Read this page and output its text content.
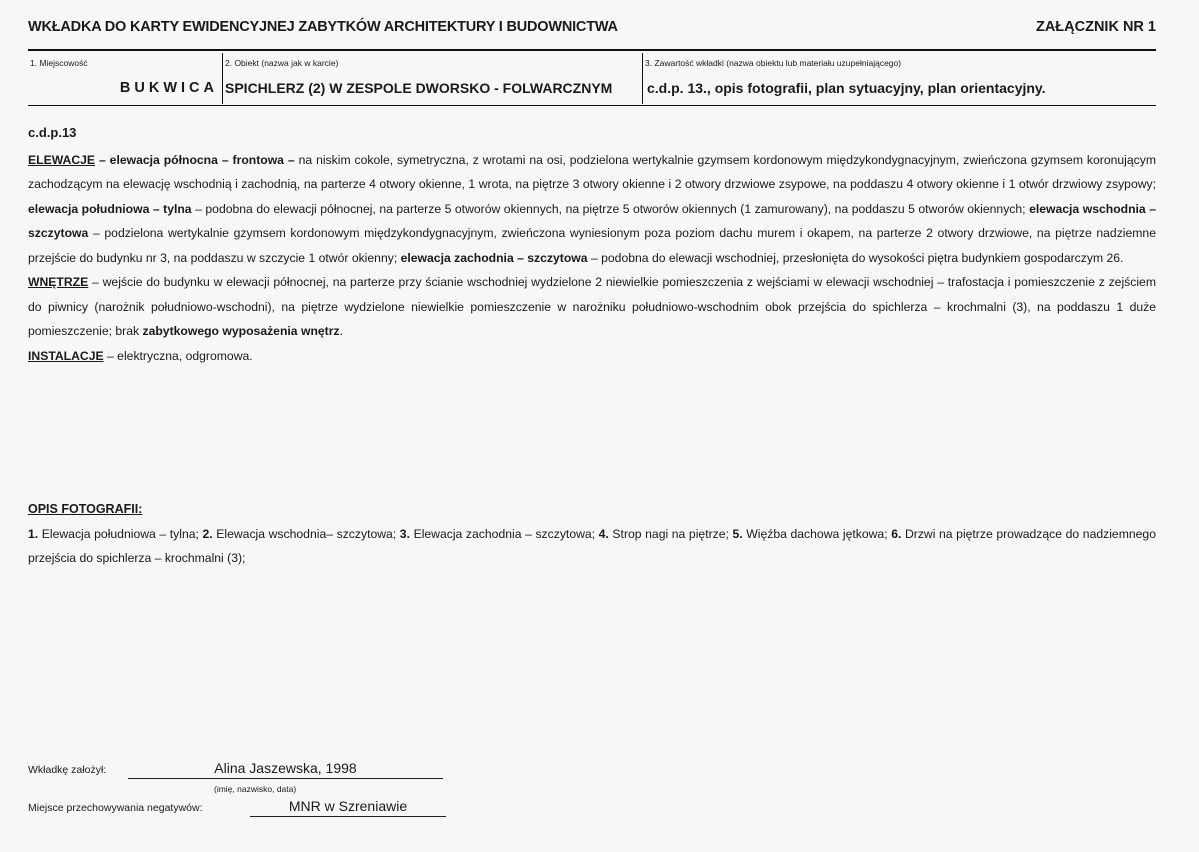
WKŁADKA DO KARTY EWIDENCYJNEJ ZABYTKÓW ARCHITEKTURY I BUDOWNICTWA	ZAŁĄCZNIK NR 1
1. Miejscowość
BUKWICA
2. Obiekt (nazwa jak w karcie)
SPICHLERZ (2) W ZESPOLE DWORSKO - FOLWARCZNYM
3. Zawartość wkładki (nazwa obiektu lub materiału uzupełniającego)
c.d.p. 13., opis fotografii, plan sytuacyjny, plan orientacyjny.

c.d.p.13

ELEWACJE – elewacja północna – frontowa – na niskim cokole, symetryczna, z wrotami na osi, podzielona wertykalnie gzymsem kordonowym międzykondygnacyjnym, zwieńczona gzymsem koronującym zachodzącym na elewację wschodnią i zachodnią, na parterze 4 otwory okienne, 1 wrota, na piętrze 3 otwory okienne i 2 otwory drzwiowe zsypowe, na poddaszu 4 otwory okienne i 1 otwór drzwiowy zsypowy; elewacja południowa – tylna – podobna do elewacji północnej, na parterze 5 otworów okiennych, na piętrze 5 otworów okiennych (1 zamurowany), na poddaszu 5 otworów okiennych; elewacja wschodnia – szczytowa – podzielona wertykalnie gzymsem kordonowym międzykondygnacyjnym, zwieńczona wyniesionym poza poziom dachu murem i okapem, na parterze 2 otwory drzwiowe, na piętrze nadziemne przejście do budynku nr 3, na poddaszu w szczycie 1 otwór okienny; elewacja zachodnia – szczytowa – podobna do elewacji wschodniej, przesłonięta do wysokości piętra budynkiem gospodarczym 26.

WNĘTRZE – wejście do budynku w elewacji północnej, na parterze przy ścianie wschodniej wydzielone 2 niewielkie pomieszczenia z wejściami w elewacji wschodniej – trafostacja i pomieszczenie z zejściem do piwnicy (narożnik południowo-wschodni), na piętrze wydzielone niewielkie pomieszczenie w narożniku południowo-wschodnim obok przejścia do spichlerza – krochmalni (3), na poddaszu 1 duże pomieszczenie; brak zabytkowego wyposażenia wnętrz.

INSTALACJE – elektryczna, odgromowa.

OPIS FOTOGRAFII:

1. Elewacja południowa – tylna; 2. Elewacja wschodnia– szczytowa; 3. Elewacja zachodnia – szczytowa; 4. Strop nagi na piętrze; 5. Więźba dachowa jętkowa; 6. Drzwi na piętrze prowadzące do nadziemnego przejścia do spichlerza – krochmalni (3);

Wkładkę założył:	Alina Jaszewska, 1998
(imię, nazwisko, data)
Miejsce przechowywania negatywów:	MNR w Szreniawie
